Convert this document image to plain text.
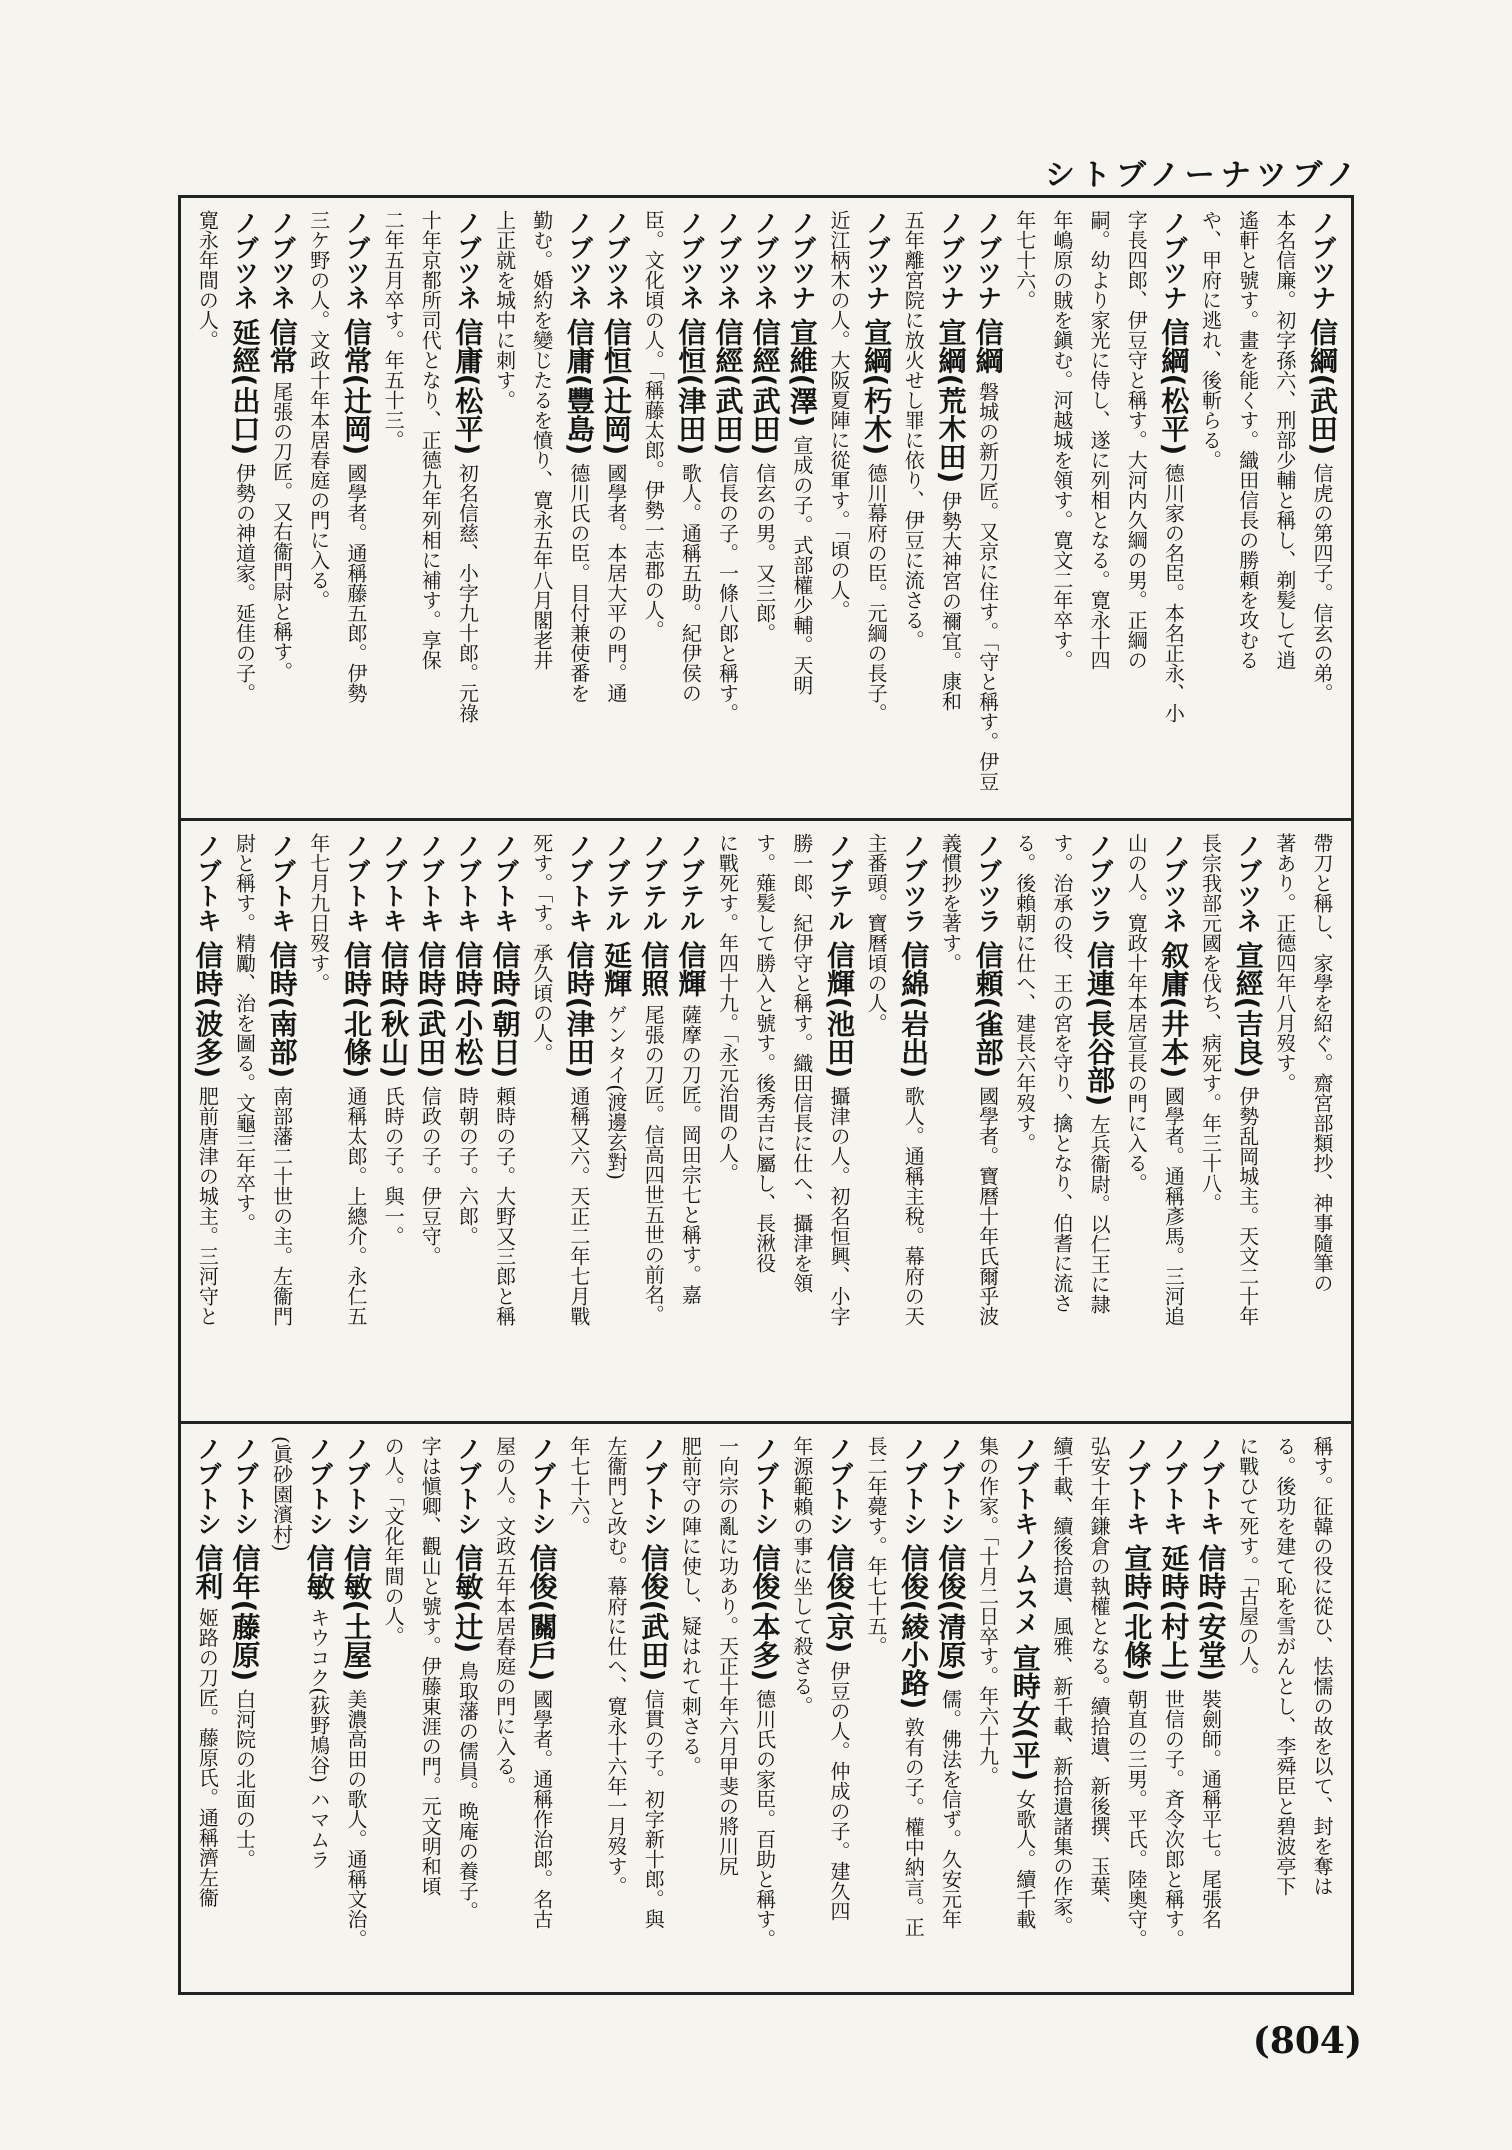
シトブノーナツブノ
ノブツナ 信綱(武田) 信虎の第四子。信玄の弟。
本名信廉。初字孫六、刑部少輔と稱し、剃髪して逍
遙軒と號す。畫を能くす。織田信長の勝頼を攻むる
や、甲府に逃れ、後斬らる。
ノブツナ 信綱(松平) 德川家の名臣。本名正永、小
字長四郎、伊豆守と稱す。大河内久綱の男。正綱の
嗣。幼より家光に侍し、遂に列相となる。寛永十四
年嶋原の賊を鎭む。河越城を領す。寛文二年卒す。
年七十六。
ノブツナ 信綱 磐城の新刀匠。又京に住す。「守と稱す。伊豆
ノブツナ 宣綱(荒木田) 伊勢大神宮の禰宜。康和
五年離宮院に放火せし罪に依り、伊豆に流さる。
ノブツナ 宣綱(朽木) 德川幕府の臣。元綱の長子。
近江柄木の人。大阪夏陣に從軍す。「頃の人。
ノブツナ 宣維(澤) 宣成の子。式部權少輔。天明
ノブツネ 信經(武田) 信玄の男。又三郎。
ノブツネ 信經(武田) 信長の子。一條八郎と稱す。
ノブツネ 信恒(津田) 歌人。通稱五助。紀伊侯の
臣。文化頃の人。「稱藤太郎。伊勢一志郡の人。
ノブツネ 信恒(辻岡) 國學者。本居大平の門。通
ノブツネ 信庸(豐島) 德川氏の臣。目付兼使番を
勤む。婚約を變じたるを憤り、寛永五年八月閣老井
上正就を城中に刺す。
ノブツネ 信庸(松平) 初名信慈、小字九十郎。元祿
十年京都所司代となり、正德九年列相に補す。享保
二年五月卒す。年五十三。
ノブツネ 信常(辻岡) 國學者。通稱藤五郎。伊勢
三ケ野の人。文政十年本居春庭の門に入る。
ノブツネ 信常 尾張の刀匠。又右衞門尉と稱す。
ノブツネ 延經(出口) 伊勢の神道家。延佳の子。
寛永年間の人。
帶刀と稱し、家學を紹ぐ。齋宮部類抄、神事隨筆の
著あり。正德四年八月歿す。
ノブツネ 宣經(吉良) 伊勢乱岡城主。天文二十年
長宗我部元國を伐ち、病死す。年三十八。
ノブツネ 叙庸(井本) 國學者。通稱彥馬。三河追
山の人。寛政十年本居宣長の門に入る。
ノブツラ 信連(長谷部) 左兵衞尉。以仁王に隷
す。治承の役、王の宮を守り、擒となり、伯耆に流さ
る。後賴朝に仕へ、建長六年歿す。
ノブツラ 信頼(雀部) 國學者。寶曆十年氏爾乎波
義慣抄を著す。
ノブツラ 信綿(岩出) 歌人。通稱主稅。幕府の天
主番頭。寶曆頃の人。
ノブテル 信輝(池田) 攝津の人。初名恒興、小字
勝一郎、紀伊守と稱す。織田信長に仕へ、攝津を領
す。薙髪して勝入と號す。後秀吉に屬し、長湫役
に戰死す。年四十九。「永元治間の人。
ノブテル 信輝 薩摩の刀匠。岡田宗七と稱す。嘉
ノブテル 信照 尾張の刀匠。信高四世五世の前名。
ノブテル 延輝 ゲンタイ(渡邊玄對)
ノブトキ 信時(津田) 通稱又六。天正二年七月戰
死す。「す。承久頃の人。
ノブトキ 信時(朝日) 頼時の子。大野又三郎と稱
ノブトキ 信時(小松) 時朝の子。六郎。
ノブトキ 信時(武田) 信政の子。伊豆守。
ノブトキ 信時(秋山) 氏時の子。與一。
ノブトキ 信時(北條) 通稱太郎。上總介。永仁五
年七月九日歿す。
ノブトキ 信時(南部) 南部藩二十世の主。左衞門
尉と稱す。精勵、治を圖る。文龜三年卒す。
ノブトキ 信時(波多) 肥前唐津の城主。三河守と
稱す。征韓の役に從ひ、怯懦の故を以て、封を奪は
る。後功を建て恥を雪がんとし、李舜臣と碧波亭下
に戰ひて死す。「古屋の人。
ノブトキ 信時(安堂) 裝劍師。通稱平七。尾張名
ノブトキ 延時(村上) 世信の子。斉令次郎と稱す。
ノブトキ 宣時(北條) 朝直の三男。平氏。陸奧守。
弘安十年鎌倉の執權となる。續拾遺、新後撰、玉葉、
續千載、續後拾遺、風雅、新千載、新拾遺諸集の作家。
ノブトキノムスメ 宣時女(平) 女歌人。續千載
集の作家。「十月二日卒す。年六十九。
ノブトシ 信俊(清原) 儒。佛法を信ず。久安元年
ノブトシ 信俊(綾小路) 敦有の子。權中納言。正
長二年薨す。年七十五。
ノブトシ 信俊(京) 伊豆の人。仲成の子。建久四
年源範賴の事に坐して殺さる。
ノブトシ 信俊(本多) 德川氏の家臣。百助と稱す。
一向宗の亂に功あり。天正十年六月甲斐の將川尻
肥前守の陣に使し、疑はれて刺さる。
ノブトシ 信俊(武田) 信貫の子。初字新十郎。與
左衞門と改む。幕府に仕へ、寛永十六年一月歿す。
年七十六。
ノブトシ 信俊(關戶) 國學者。通稱作治郎。名古
屋の人。文政五年本居春庭の門に入る。
ノブトシ 信敏(辻) 鳥取藩の儒員。晩庵の養子。
字は愼卿、觀山と號す。伊藤東涯の門。元文明和頃
の人。「文化年間の人。
ノブトシ 信敏(土屋) 美濃高田の歌人。通稱文治。
ノブトシ 信敏 キウコク(荻野鳩谷) ハマムラ
(眞砂園濱村)
ノブトシ 信年(藤原) 白河院の北面の士。
ノブトシ 信利 姬路の刀匠。藤原氏。通稱濟左衞
(804)
